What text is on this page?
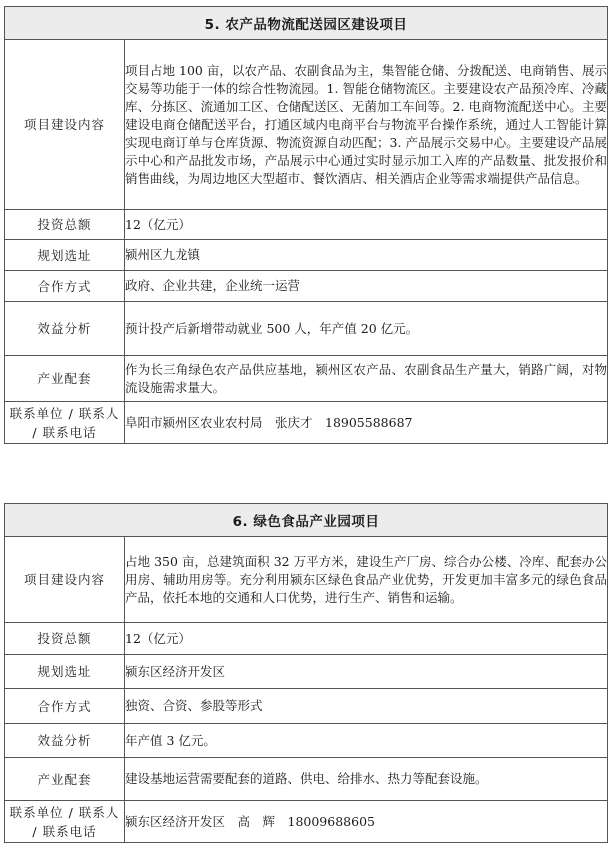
5. 农产品物流配送园区建设项目	
项目建设内容	项目占地 100 亩，以农产品、农副食品为主，集智能仓储、分拨配送、电商销售、展示交易等功能于一体的综合性物流园。1. 智能仓储物流区。主要建设农产品预冷库、冷藏库、分拣区、流通加工区、仓储配送区、无菌加工车间等。2. 电商物流配送中心。主要建设电商仓储配送平台，打通区域内电商平台与物流平台操作系统，通过人工智能计算实现电商订单与仓库货源、物流资源自动匹配；3. 产品展示交易中心。主要建设产品展示中心和产品批发市场，产品展示中心通过实时显示加工入库的产品数量、批发报价和销售曲线，为周边地区大型超市、餐饮酒店、相关酒店企业等需求端提供产品信息。
投资总额	12（亿元）
规划选址	颍州区九龙镇
合作方式	政府、企业共建，企业统一运营
效益分析	预计投产后新增带动就业 500 人，年产值 20 亿元。
产业配套	作为长三角绿色农产品供应基地，颍州区农产品、农副食品生产量大，销路广阔，对物流设施需求量大。
联系单位 / 联系人 / 联系电话	阜阳市颍州区农业农村局　张庆才　18905588687
6. 绿色食品产业园项目	
项目建设内容	占地 350 亩，总建筑面积 32 万平方米，建设生产厂房、综合办公楼、冷库、配套办公用房、辅助用房等。充分利用颍东区绿色食品产业优势，开发更加丰富多元的绿色食品产品，依托本地的交通和人口优势，进行生产、销售和运输。
投资总额	12（亿元）
规划选址	颍东区经济开发区
合作方式	独资、合资、参股等形式
效益分析	年产值 3 亿元。
产业配套	建设基地运营需要配套的道路、供电、给排水、热力等配套设施。
联系单位 / 联系人 / 联系电话	颍东区经济开发区　高　辉　18009688605
